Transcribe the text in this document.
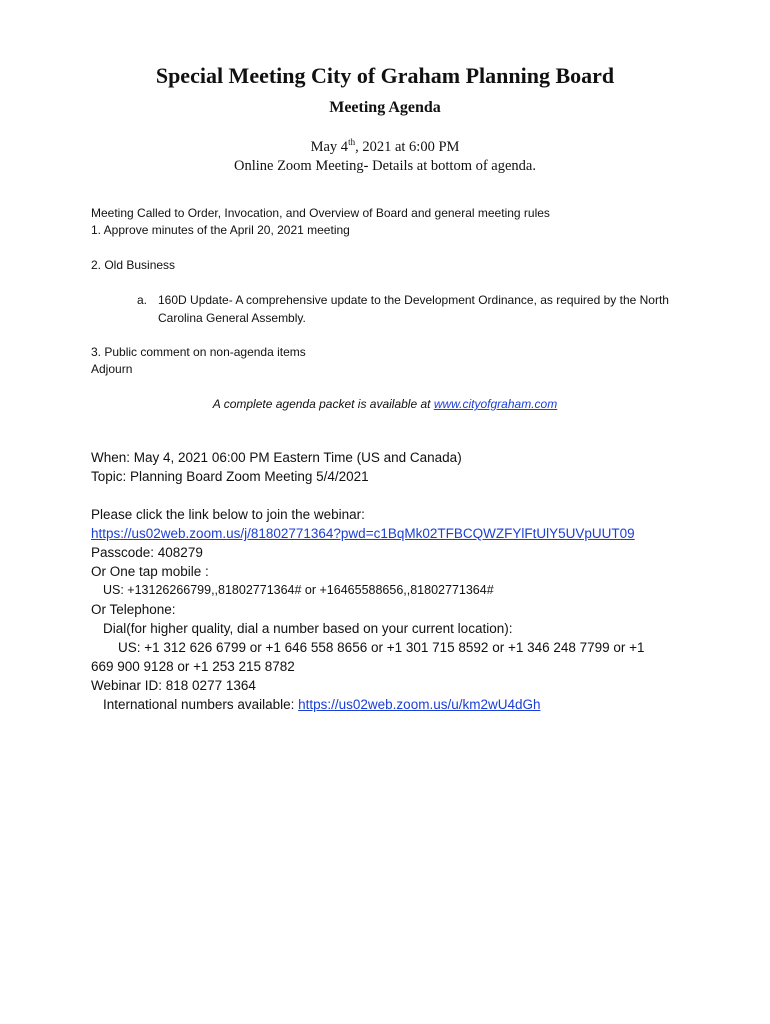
Special Meeting City of Graham Planning Board
Meeting Agenda
May 4th, 2021 at 6:00 PM
Online Zoom Meeting- Details at bottom of agenda.
Meeting Called to Order, Invocation, and Overview of Board and general meeting rules
1. Approve minutes of the April 20, 2021 meeting
2. Old Business
a. 160D Update- A comprehensive update to the Development Ordinance, as required by the North Carolina General Assembly.
3. Public comment on non-agenda items
Adjourn
A complete agenda packet is available at www.cityofgraham.com
When: May 4, 2021 06:00 PM Eastern Time (US and Canada)
Topic: Planning Board Zoom Meeting 5/4/2021
Please click the link below to join the webinar:
https://us02web.zoom.us/j/81802771364?pwd=c1BqMk02TFBCQWZFYlFtUlY5UVpUUT09
Passcode: 408279
Or One tap mobile :
US: +13126266799,,81802771364# or +16465588656,,81802771364#
Or Telephone:
Dial(for higher quality, dial a number based on your current location):
US: +1 312 626 6799 or +1 646 558 8656 or +1 301 715 8592 or +1 346 248 7799 or +1
669 900 9128 or +1 253 215 8782
Webinar ID: 818 0277 1364
International numbers available: https://us02web.zoom.us/u/km2wU4dGh
